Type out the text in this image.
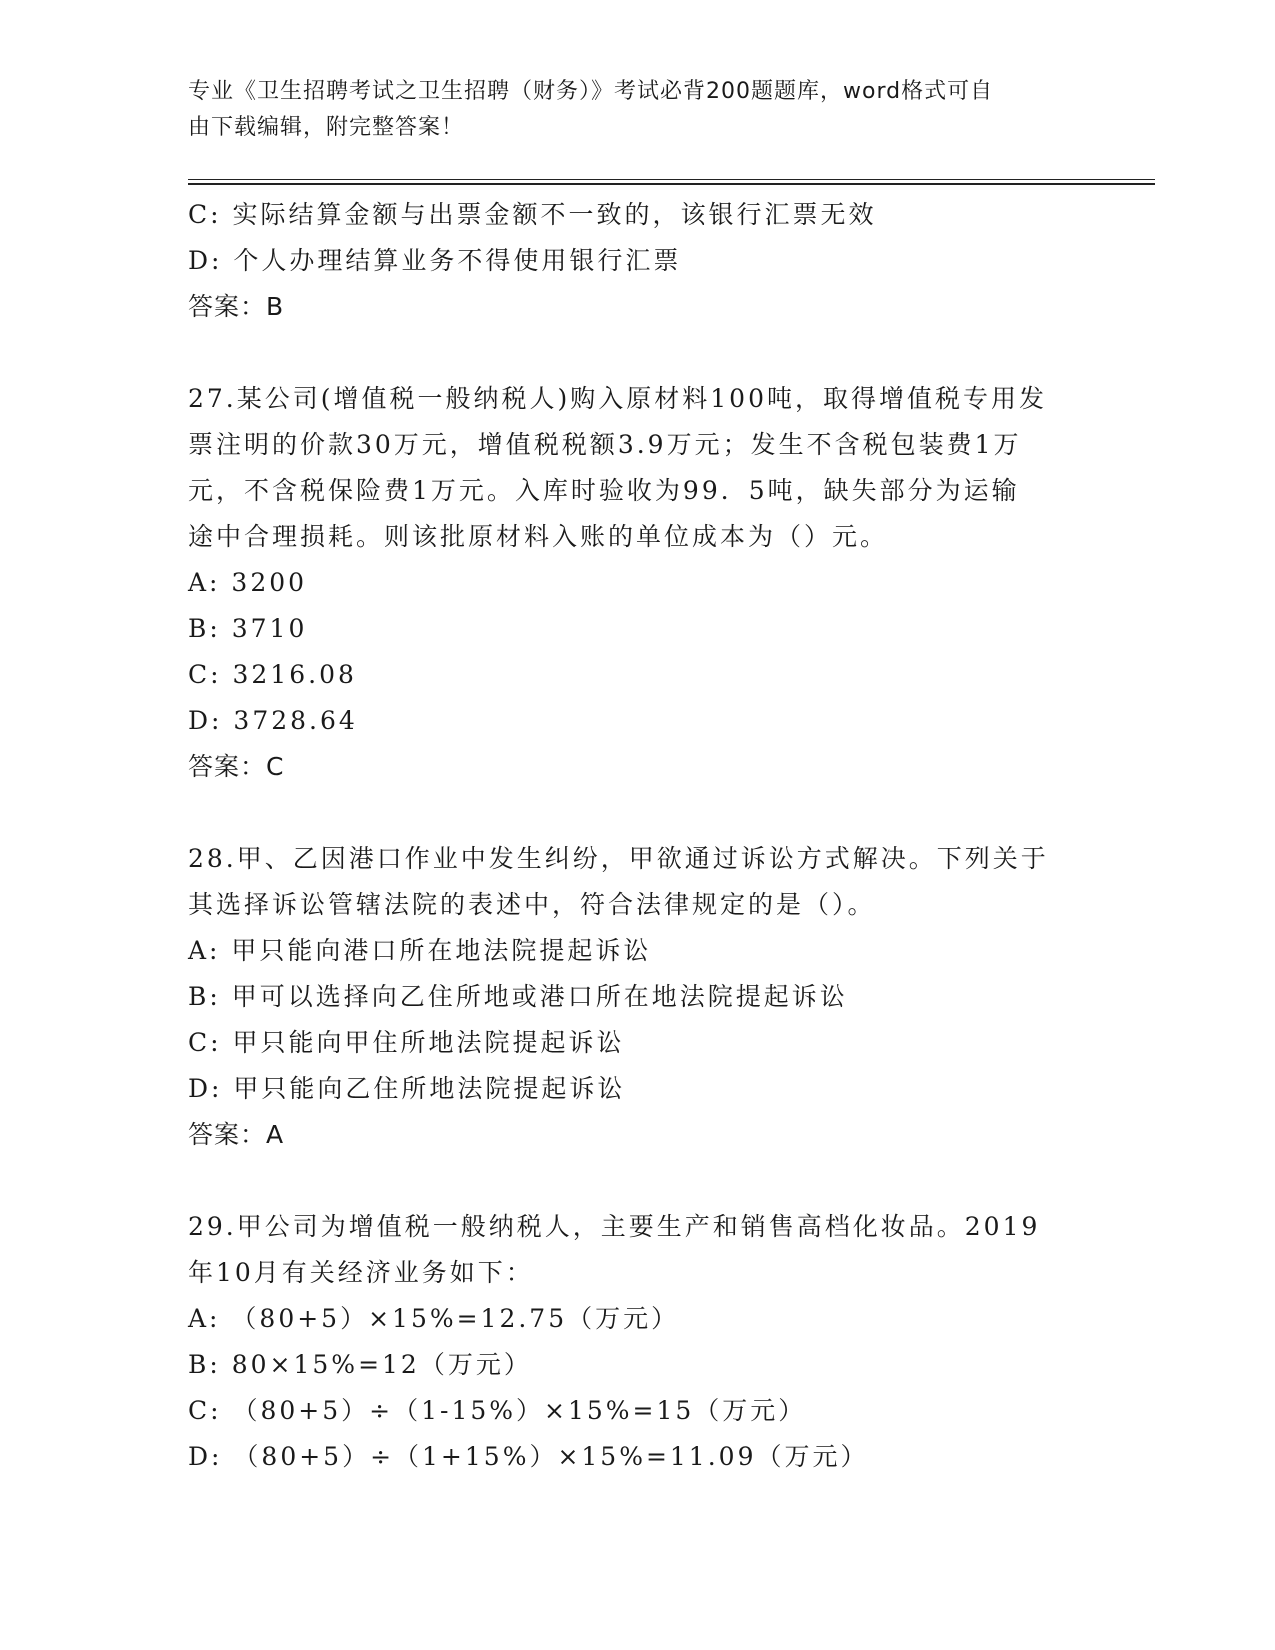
专业《卫生招聘考试之卫生招聘（财务）》考试必背200题题库，word格式可自
由下载编辑，附完整答案！
C: 实际结算金额与出票金额不一致的，该银行汇票无效
D: 个人办理结算业务不得使用银行汇票
答案：B
27.某公司(增值税一般纳税人)购入原材料100吨，取得增值税专用发
票注明的价款30万元，增值税税额3.9万元；发生不含税包装费1万
元，不含税保险费1万元。入库时验收为99．5吨，缺失部分为运输
途中合理损耗。则该批原材料入账的单位成本为（）元。
A: 3200
B: 3710
C: 3216.08
D: 3728.64
答案：C
28.甲、乙因港口作业中发生纠纷，甲欲通过诉讼方式解决。下列关于
其选择诉讼管辖法院的表述中，符合法律规定的是（）。
A: 甲只能向港口所在地法院提起诉讼
B: 甲可以选择向乙住所地或港口所在地法院提起诉讼
C: 甲只能向甲住所地法院提起诉讼
D: 甲只能向乙住所地法院提起诉讼
答案：A
29.甲公司为增值税一般纳税人，主要生产和销售高档化妆品。2019
年10月有关经济业务如下：
A: （80+5）×15%=12.75（万元）
B: 80×15%=12（万元）
C: （80+5）÷（1-15%）×15%=15（万元）
D: （80+5）÷（1+15%）×15%=11.09（万元）
